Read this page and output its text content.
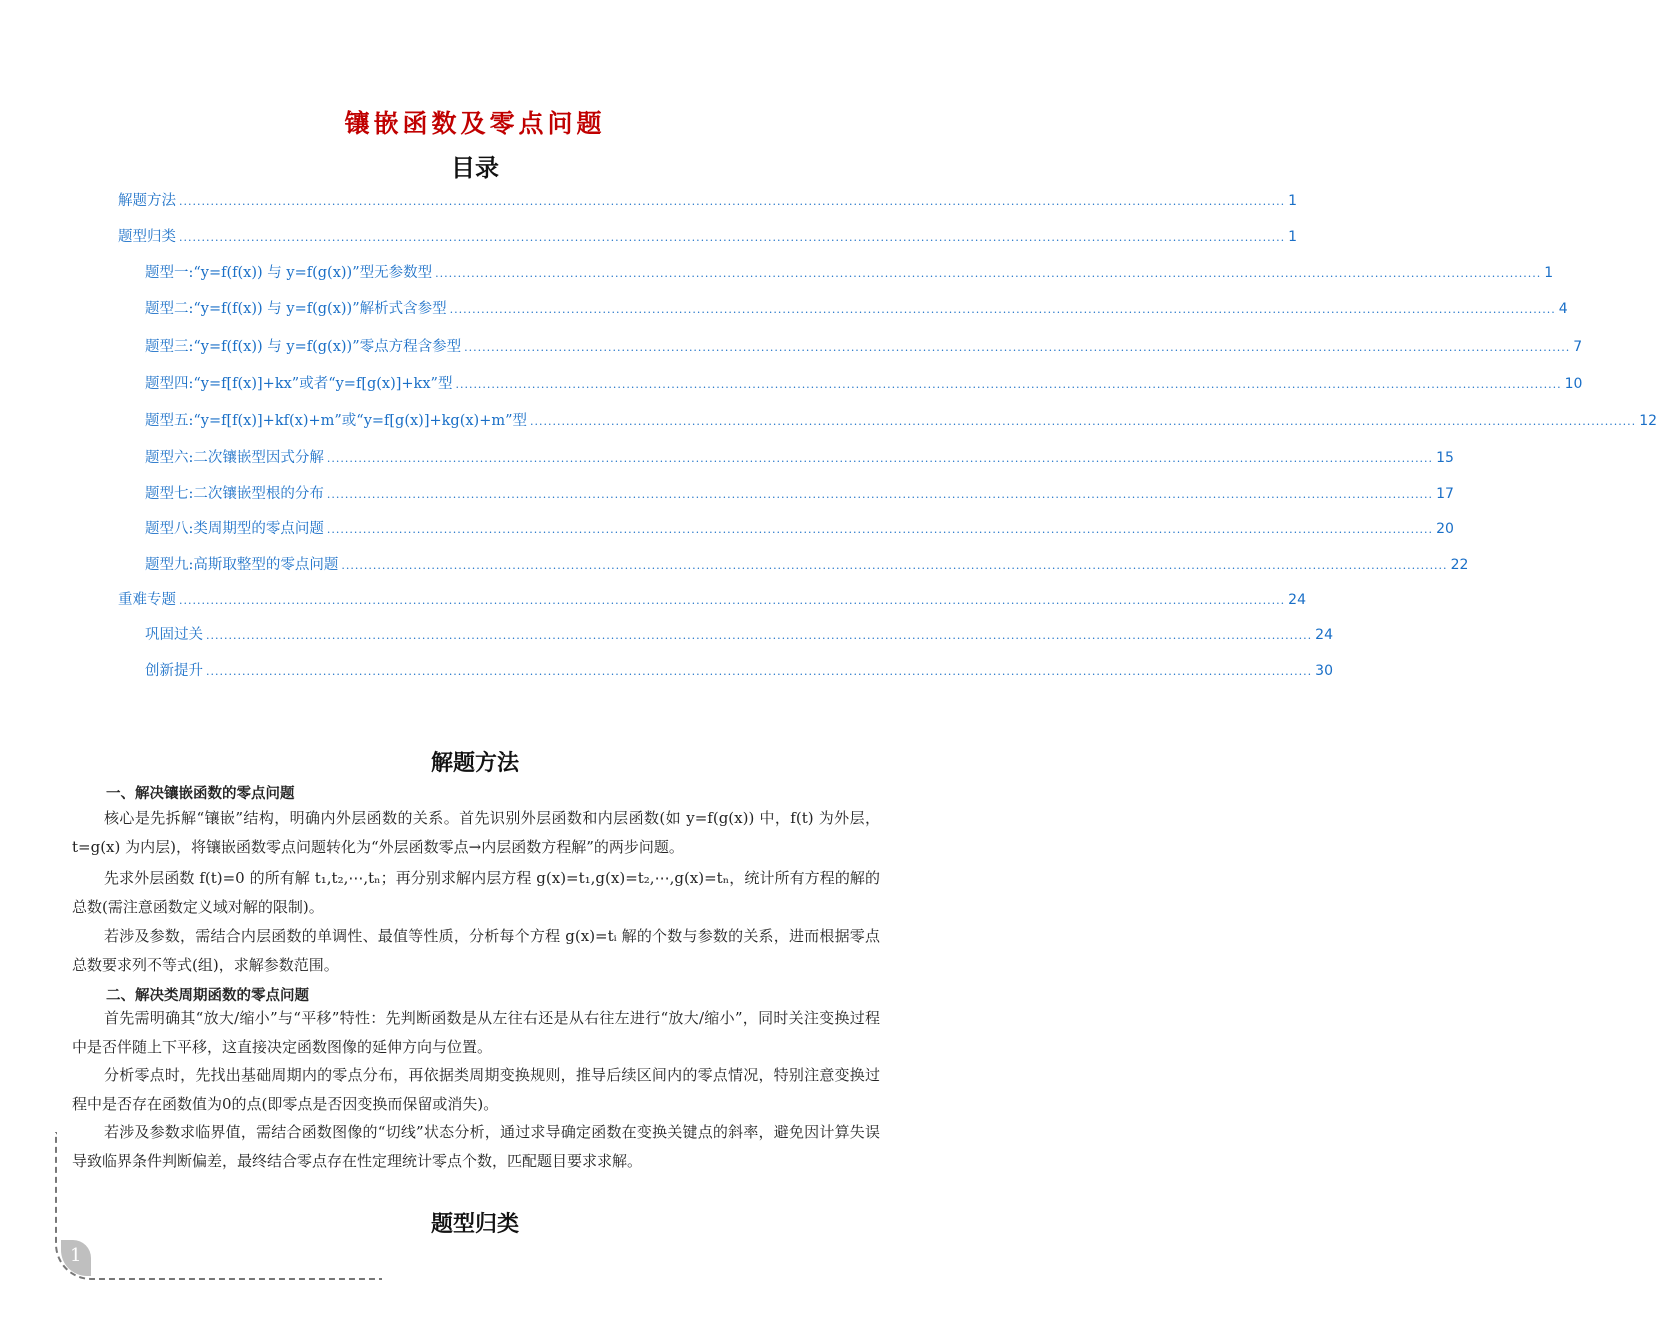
镶嵌函数及零点问题
目录
解题方法 ...................................................................................................................................................................................................................................................... 1
题型归类 ...................................................................................................................................................................................................................................................... 1
题型一:“y=f(f(x)) 与 y=f(g(x))”型无参数型 ...................................................................................................................................................................................................................................................... 1
题型二:“y=f(f(x)) 与 y=f(g(x))”解析式含参型 ...................................................................................................................................................................................................................................................... 4
题型三:“y=f(f(x)) 与 y=f(g(x))”零点方程含参型 ...................................................................................................................................................................................................................................................... 7
题型四:“y=f[f(x)]+kx”或者“y=f[g(x)]+kx”型 ...................................................................................................................................................................................................................................................... 10
题型五:“y=f[f(x)]+kf(x)+m”或“y=f[g(x)]+kg(x)+m”型 ...................................................................................................................................................................................................................................................... 12
题型六:二次镶嵌型因式分解 ...................................................................................................................................................................................................................................................... 15
题型七:二次镶嵌型根的分布 ...................................................................................................................................................................................................................................................... 17
题型八:类周期型的零点问题 ...................................................................................................................................................................................................................................................... 20
题型九:高斯取整型的零点问题 ...................................................................................................................................................................................................................................................... 22
重难专题 ...................................................................................................................................................................................................................................................... 24
巩固过关 ...................................................................................................................................................................................................................................................... 24
创新提升 ...................................................................................................................................................................................................................................................... 30
解题方法
一、解决镶嵌函数的零点问题

核心是先拆解“镶嵌”结构，明确内外层函数的关系。首先识别外层函数和内层函数(如 y=f(g(x)) 中，f(t) 为外层，t=g(x) 为内层)，将镶嵌函数零点问题转化为“外层函数零点→内层函数方程解”的两步问题。

先求外层函数 f(t)=0 的所有解 t₁,t₂,⋯,tₙ；再分别求解内层方程 g(x)=t₁,g(x)=t₂,⋯,g(x)=tₙ，统计所有方程的解的总数(需注意函数定义域对解的限制)。

若涉及参数，需结合内层函数的单调性、最值等性质，分析每个方程 g(x)=tᵢ 解的个数与参数的关系，进而根据零点总数要求列不等式(组)，求解参数范围。

二、解决类周期函数的零点问题

首先需明确其“放大/缩小”与“平移”特性：先判断函数是从左往右还是从右往左进行“放大/缩小”，同时关注变换过程中是否伴随上下平移，这直接决定函数图像的延伸方向与位置。

分析零点时，先找出基础周期内的零点分布，再依据类周期变换规则，推导后续区间内的零点情况，特别注意变换过程中是否存在函数值为0的点(即零点是否因变换而保留或消失)。

若涉及参数求临界值，需结合函数图像的“切线”状态分析，通过求导确定函数在变换关键点的斜率，避免因计算失误导致临界条件判断偏差，最终结合零点存在性定理统计零点个数，匹配题目要求求解。

题型归类
1
